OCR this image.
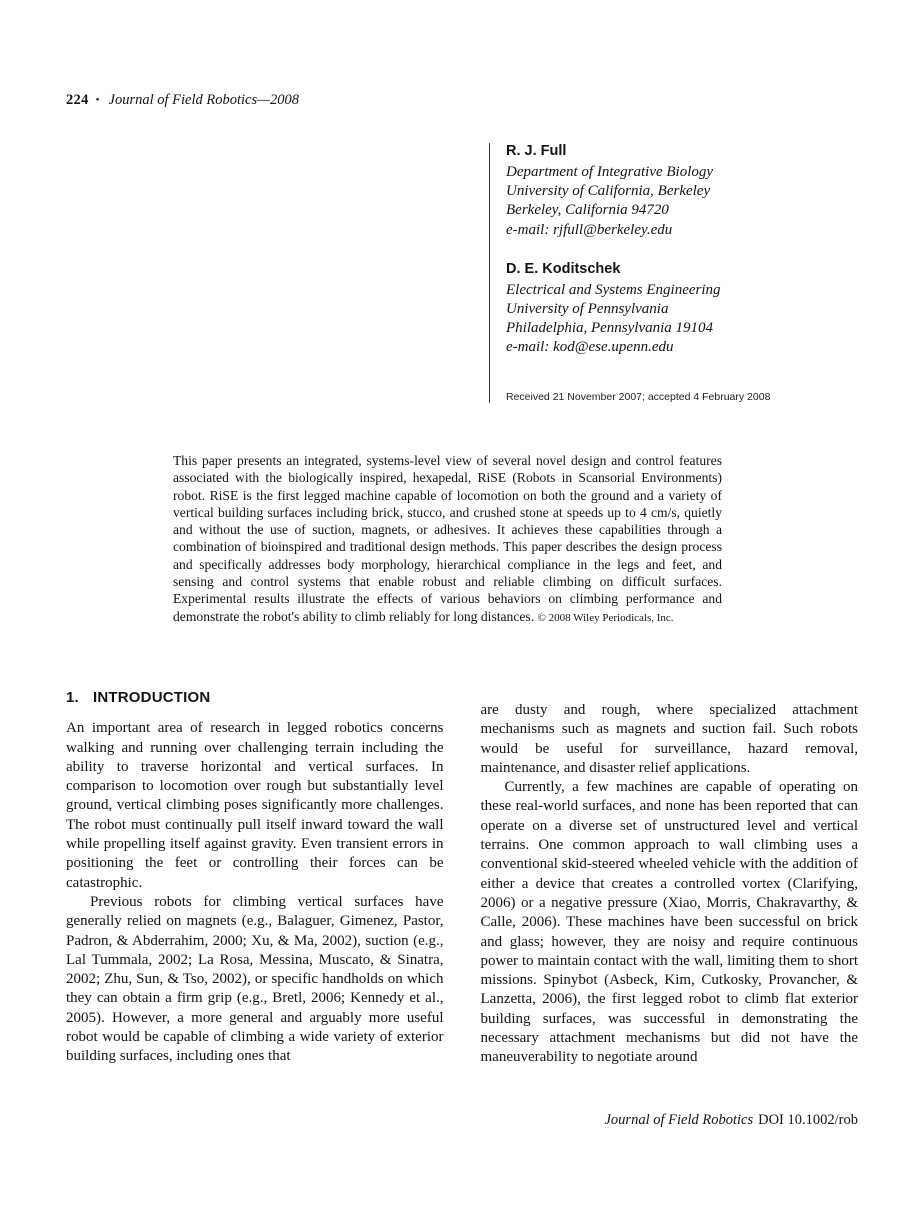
224 • Journal of Field Robotics—2008
R. J. Full
Department of Integrative Biology
University of California, Berkeley
Berkeley, California 94720
e-mail: rjfull@berkeley.edu
D. E. Koditschek
Electrical and Systems Engineering
University of Pennsylvania
Philadelphia, Pennsylvania 19104
e-mail: kod@ese.upenn.edu
Received 21 November 2007; accepted 4 February 2008

This paper presents an integrated, systems-level view of several novel design and control features associated with the biologically inspired, hexapedal, RiSE (Robots in Scansorial Environments) robot. RiSE is the first legged machine capable of locomotion on both the ground and a variety of vertical building surfaces including brick, stucco, and crushed stone at speeds up to 4 cm/s, quietly and without the use of suction, magnets, or adhesives. It achieves these capabilities through a combination of bioinspired and traditional design methods. This paper describes the design process and specifically addresses body morphology, hierarchical compliance in the legs and feet, and sensing and control systems that enable robust and reliable climbing on difficult surfaces. Experimental results illustrate the effects of various behaviors on climbing performance and demonstrate the robot's ability to climb reliably for long distances. © 2008 Wiley Periodicals, Inc.

1. INTRODUCTION

An important area of research in legged robotics concerns walking and running over challenging terrain including the ability to traverse horizontal and vertical surfaces. In comparison to locomotion over rough but substantially level ground, vertical climbing poses significantly more challenges. The robot must continually pull itself inward toward the wall while propelling itself against gravity. Even transient errors in positioning the feet or controlling their forces can be catastrophic.

Previous robots for climbing vertical surfaces have generally relied on magnets (e.g., Balaguer, Gimenez, Pastor, Padron, & Abderrahim, 2000; Xu, & Ma, 2002), suction (e.g., Lal Tummala, 2002; La Rosa, Messina, Muscato, & Sinatra, 2002; Zhu, Sun, & Tso, 2002), or specific handholds on which they can obtain a firm grip (e.g., Bretl, 2006; Kennedy et al., 2005). However, a more general and arguably more useful robot would be capable of climbing a wide variety of exterior building surfaces, including ones that

are dusty and rough, where specialized attachment mechanisms such as magnets and suction fail. Such robots would be useful for surveillance, hazard removal, maintenance, and disaster relief applications.

Currently, a few machines are capable of operating on these real-world surfaces, and none has been reported that can operate on a diverse set of unstructured level and vertical terrains. One common approach to wall climbing uses a conventional skid-steered wheeled vehicle with the addition of either a device that creates a controlled vortex (Clarifying, 2006) or a negative pressure (Xiao, Morris, Chakravarthy, & Calle, 2006). These machines have been successful on brick and glass; however, they are noisy and require continuous power to maintain contact with the wall, limiting them to short missions. Spinybot (Asbeck, Kim, Cutkosky, Provancher, & Lanzetta, 2006), the first legged robot to climb flat exterior building surfaces, was successful in demonstrating the necessary attachment mechanisms but did not have the maneuverability to negotiate around

Journal of Field Robotics DOI 10.1002/rob
